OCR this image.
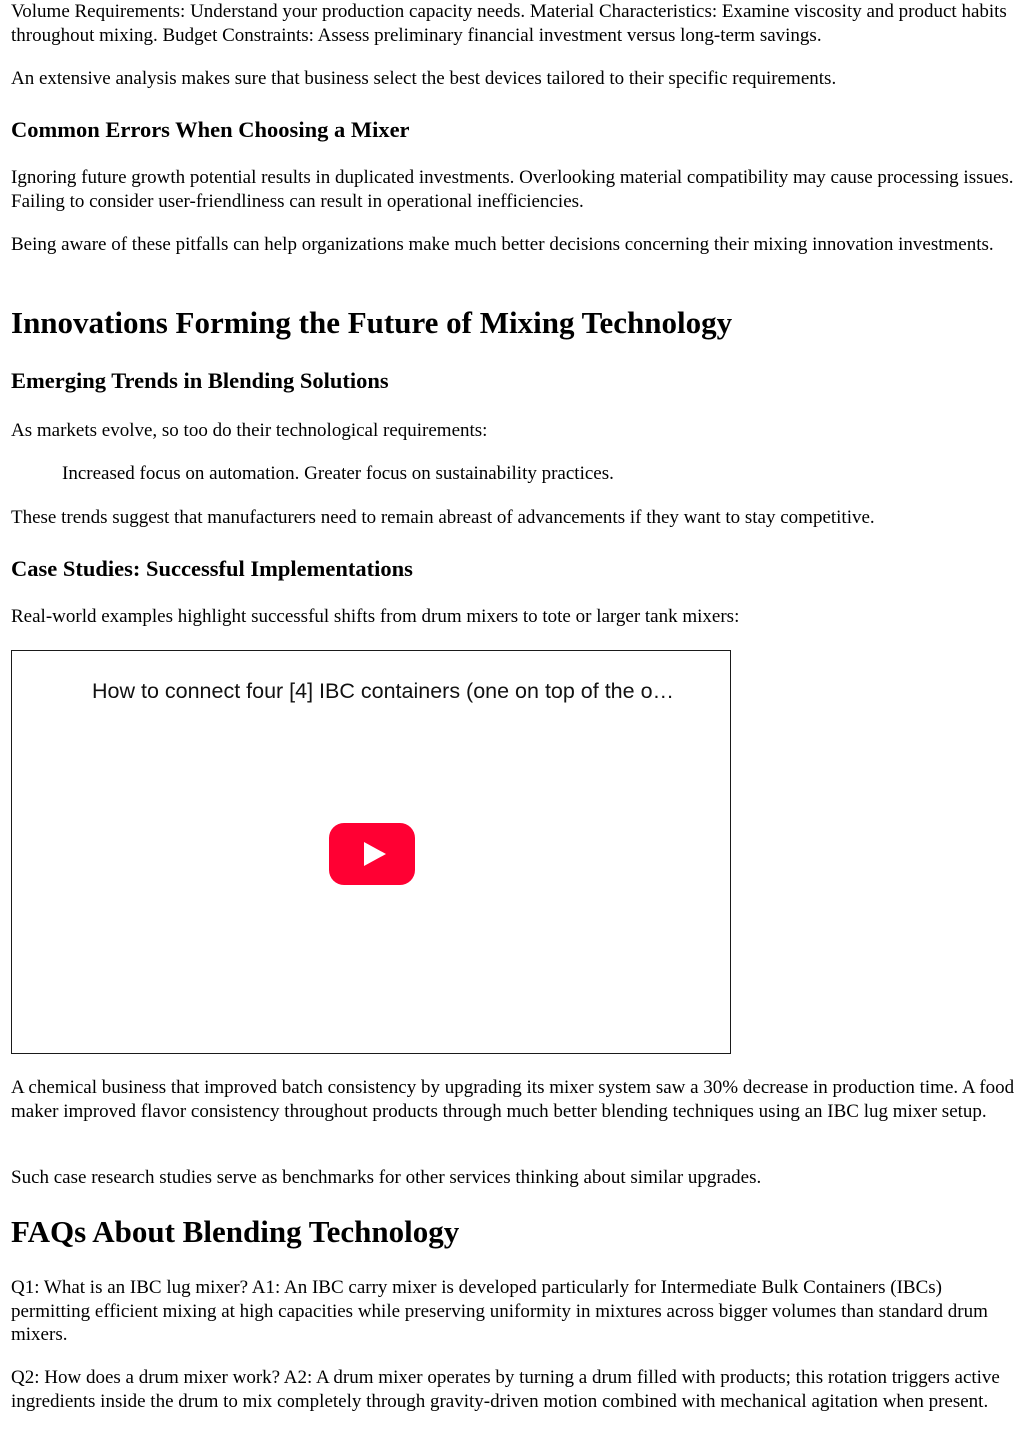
Volume Requirements: Understand your production capacity needs. Material Characteristics: Examine viscosity and product habits throughout mixing. Budget Constraints: Assess preliminary financial investment versus long-term savings.

An extensive analysis makes sure that business select the best devices tailored to their specific requirements.

Common Errors When Choosing a Mixer

Ignoring future growth potential results in duplicated investments. Overlooking material compatibility may cause processing issues. Failing to consider user-friendliness can result in operational inefficiencies.

Being aware of these pitfalls can help organizations make much better decisions concerning their mixing innovation investments.

Innovations Forming the Future of Mixing Technology
Emerging Trends in Blending Solutions

As markets evolve, so too do their technological requirements:

Increased focus on automation. Greater focus on sustainability practices.

These trends suggest that manufacturers need to remain abreast of advancements if they want to stay competitive.

Case Studies: Successful Implementations

Real-world examples highlight successful shifts from drum mixers to tote or larger tank mixers:

How to connect four [4] IBC containers (one on top of the o…

A chemical business that improved batch consistency by upgrading its mixer system saw a 30% decrease in production time. A food maker improved flavor consistency throughout products through much better blending techniques using an IBC lug mixer setup.

Such case research studies serve as benchmarks for other services thinking about similar upgrades.

FAQs About Blending Technology

Q1: What is an IBC lug mixer? A1: An IBC carry mixer is developed particularly for Intermediate Bulk Containers (IBCs) permitting efficient mixing at high capacities while preserving uniformity in mixtures across bigger volumes than standard drum mixers.

Q2: How does a drum mixer work? A2: A drum mixer operates by turning a drum filled with products; this rotation triggers active ingredients inside the drum to mix completely through gravity-driven motion combined with mechanical agitation when present.
